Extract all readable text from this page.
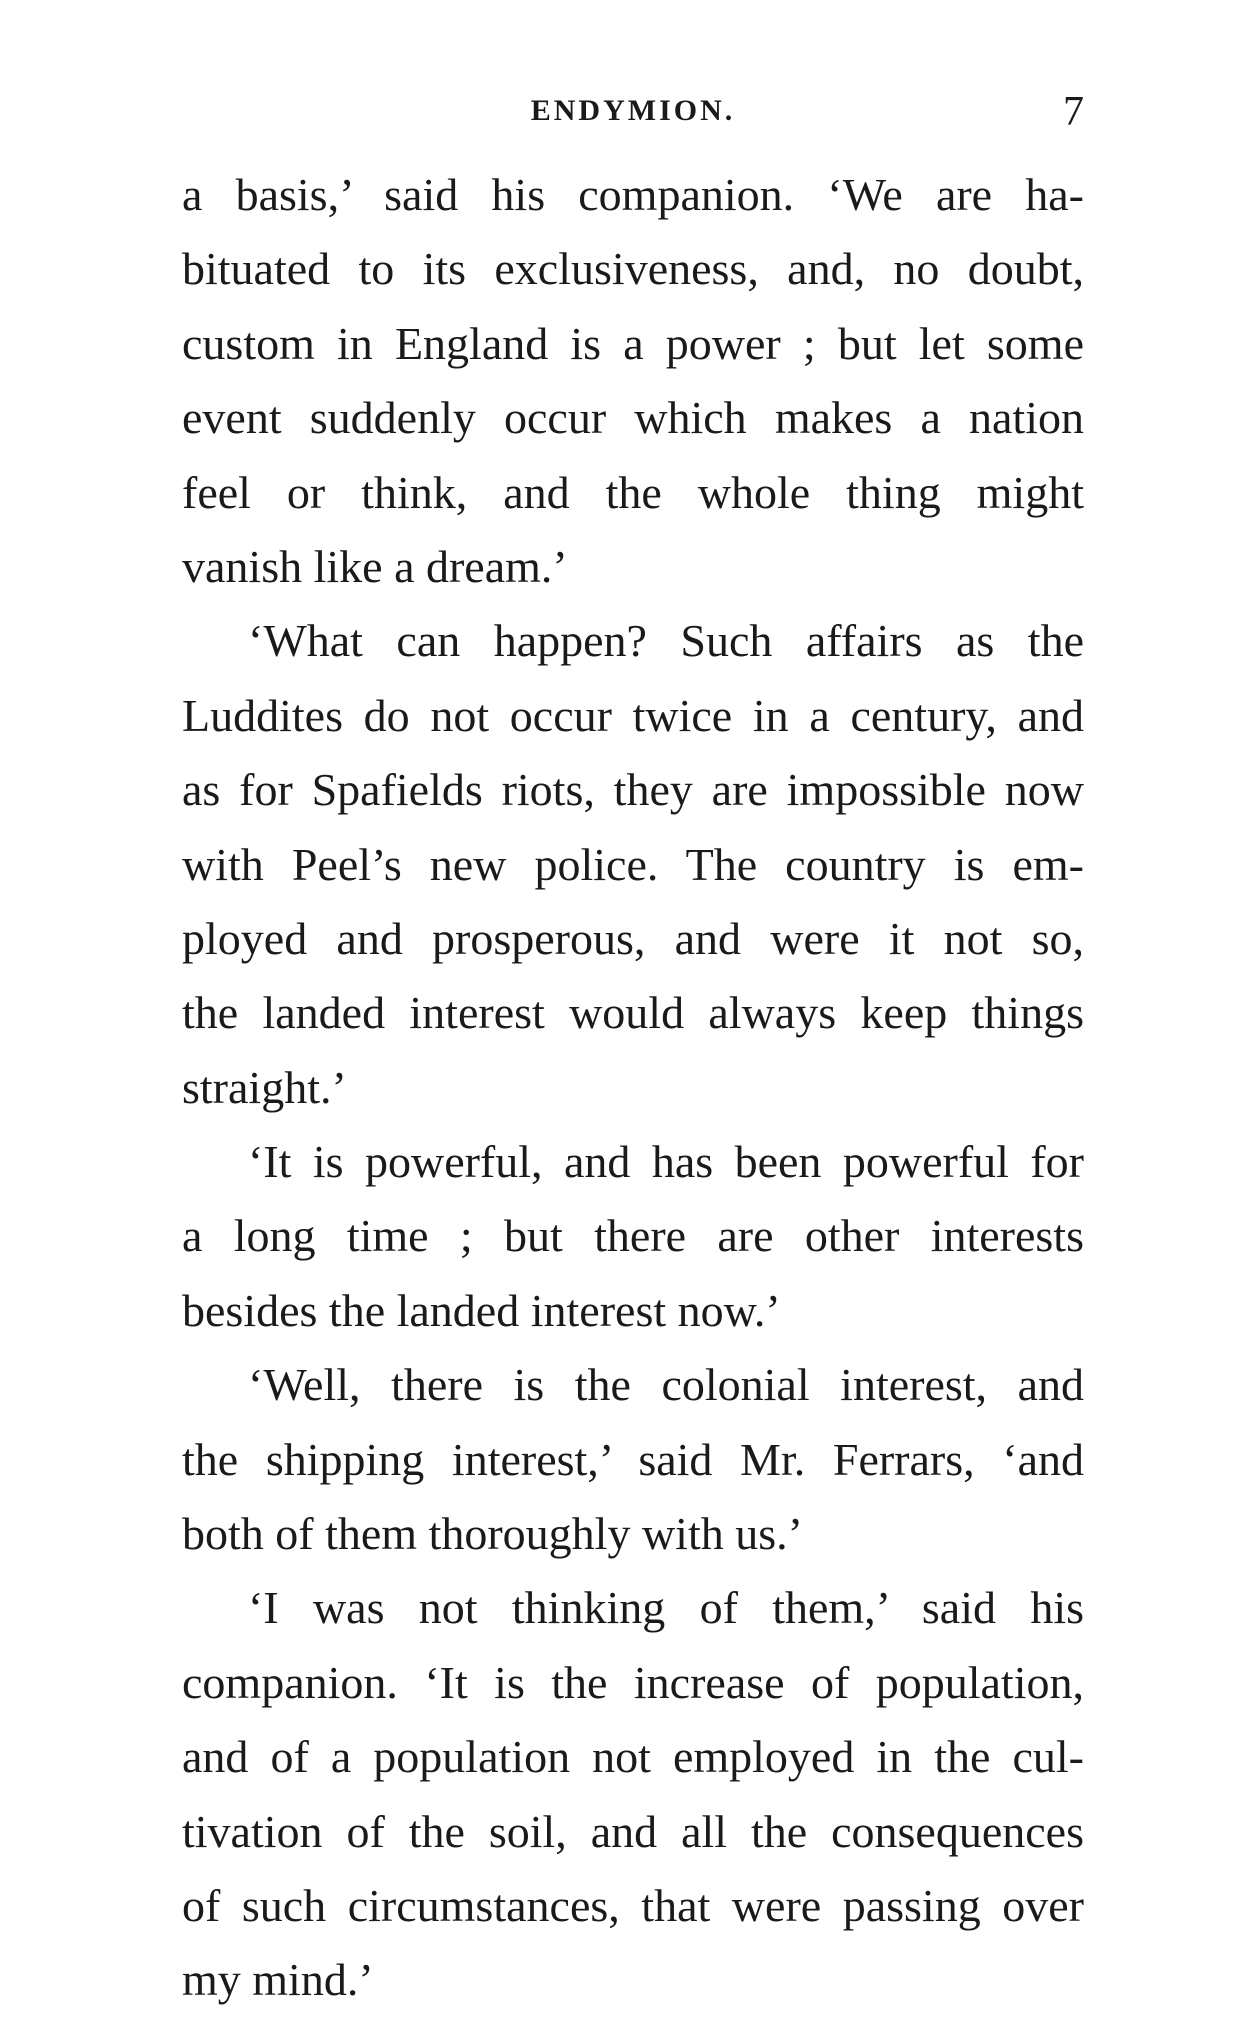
ENDYMION.	7
a basis,’ said his companion. ‘We are ha-
bituated to its exclusiveness, and, no doubt,
custom in England is a power ; but let some
event suddenly occur which makes a nation
feel or think, and the whole thing might
vanish like a dream.’
‘What can happen? Such affairs as the
Luddites do not occur twice in a century, and
as for Spafields riots, they are impossible now
with Peel’s new police. The country is em-
ployed and prosperous, and were it not so,
the landed interest would always keep things
straight.’
‘It is powerful, and has been powerful for
a long time ; but there are other interests
besides the landed interest now.’
‘Well, there is the colonial interest, and
the shipping interest,’ said Mr. Ferrars, ‘and
both of them thoroughly with us.’
‘I was not thinking of them,’ said his
companion. ‘It is the increase of population,
and of a population not employed in the cul-
tivation of the soil, and all the consequences
of such circumstances, that were passing over
my mind.’
